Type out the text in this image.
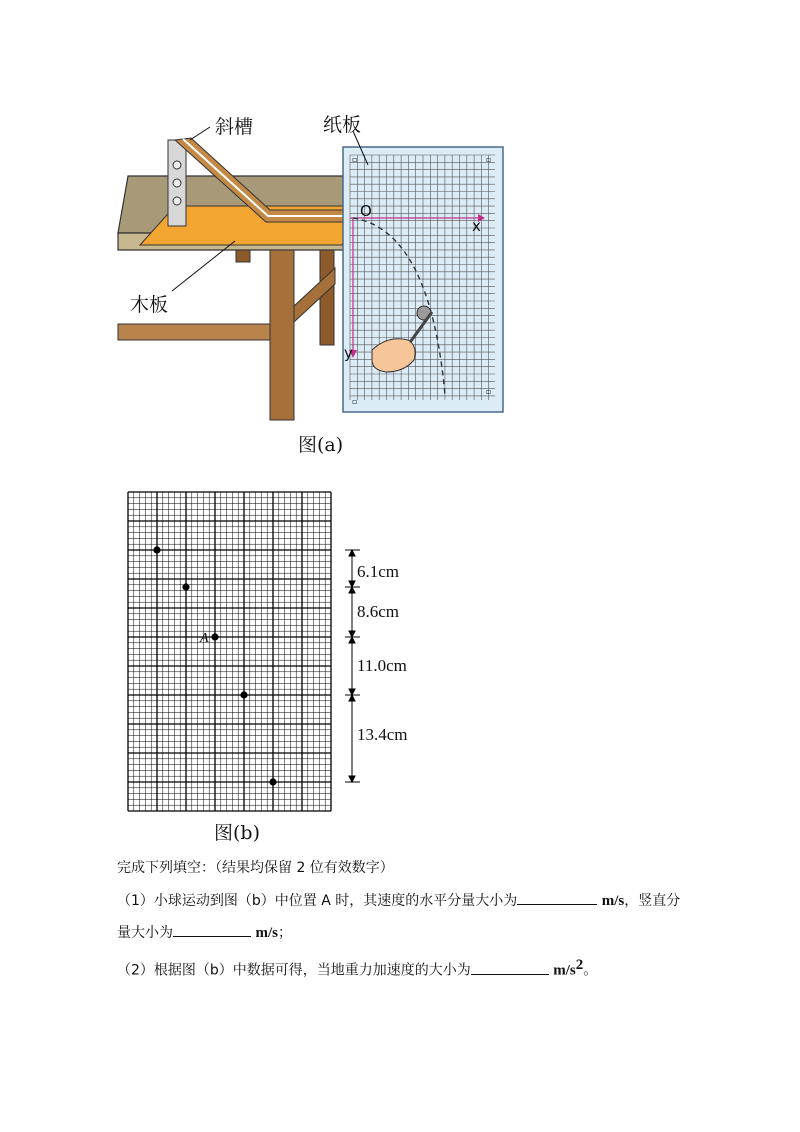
▫	▫
▫
▫
斜槽	纸板
木板
O
x
y
图(a)
A
6.1cm
8.6cm
11.0cm
13.4cm
图(b)
完成下列填空：（结果均保留 2 位有效数字）
（1）小球运动到图（b）中位置 A 时，其速度的水平分量大小为	m/s，竖直分
量大小为	m/s；
（2）根据图（b）中数据可得，当地重力加速度的大小为	$m/s^2$。
